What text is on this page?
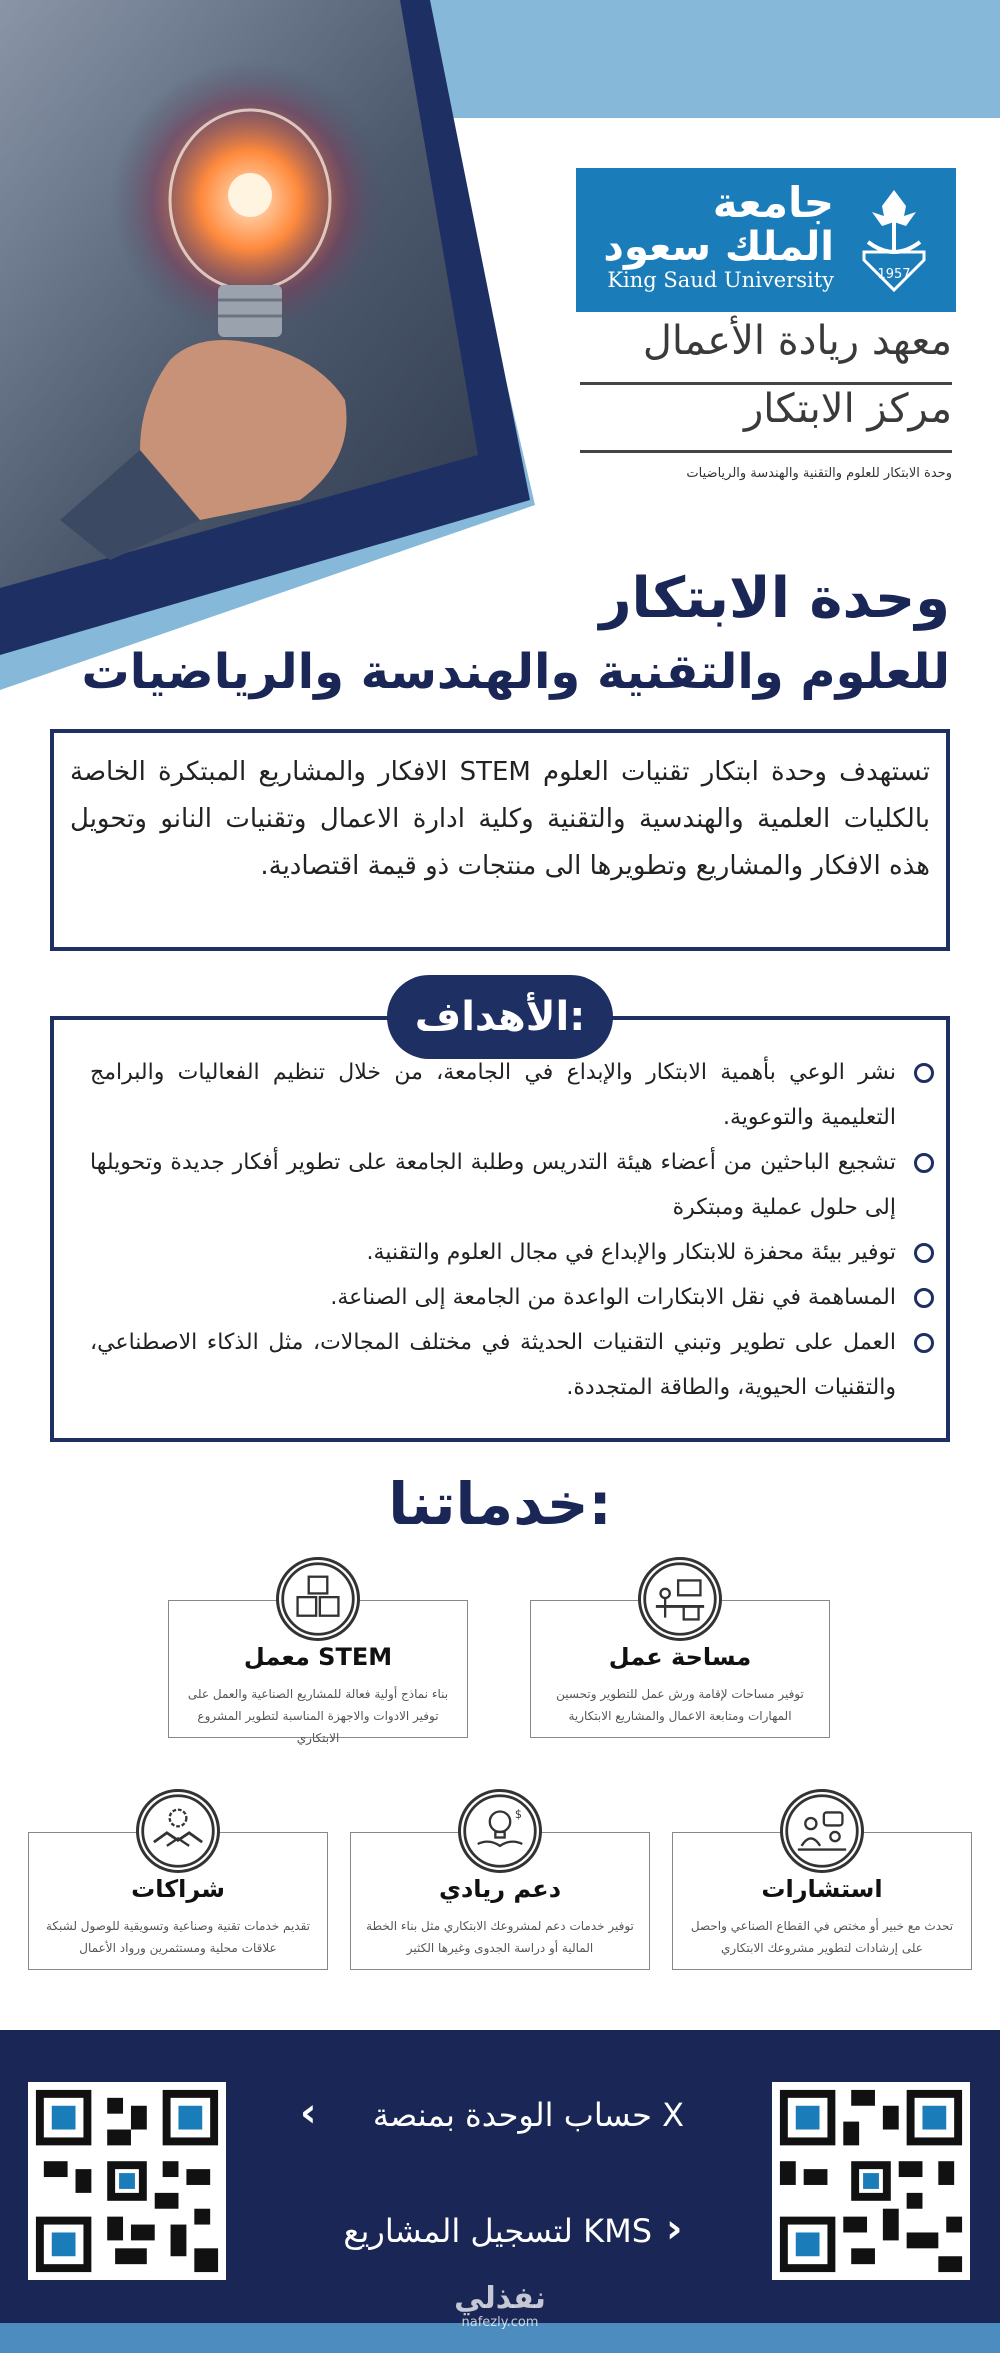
جامعة
الملك سعود
King Saud University	1957
معهد ريادة الأعمال
مركز الابتكار
وحدة الابتكار للعلوم والتقنية والهندسة والرياضيات
وحدة الابتكار
للعلوم والتقنية والهندسة والرياضيات
تستهدف وحدة ابتكار تقنيات العلوم STEM الافكار والمشاريع المبتكرة الخاصة بالكليات العلمية والهندسية والتقنية وكلية ادارة الاعمال وتقنيات النانو وتحويل هذه الافكار والمشاريع وتطويرها الى منتجات ذو قيمة اقتصادية.
الأهداف:
نشر الوعي بأهمية الابتكار والإبداع في الجامعة، من خلال تنظيم الفعاليات والبرامج التعليمية والتوعوية.
تشجيع الباحثين من أعضاء هيئة التدريس وطلبة الجامعة على تطوير أفكار جديدة وتحويلها إلى حلول عملية ومبتكرة
توفير بيئة محفزة للابتكار والإبداع في مجال العلوم والتقنية.
المساهمة في نقل الابتكارات الواعدة من الجامعة إلى الصناعة.
العمل على تطوير وتبني التقنيات الحديثة في مختلف المجالات، مثل الذكاء الاصطناعي، والتقنيات الحيوية، والطاقة المتجددة.
خدماتنا:
مساحة عمل
توفير مساحات لإقامة ورش عمل للتطوير وتحسين المهارات ومتابعة الاعمال والمشاريع الابتكارية
معمل STEM
بناء نماذج أولية فعالة للمشاريع الصناعية والعمل على توفير الادوات والاجهزة المناسبة لتطوير المشروع الابتكاري
استشارات
تحدث مع خبير أو مختص في القطاع الصناعي واحصل على إرشادات لتطوير مشروعك الابتكاري
$
دعم ريادي
توفير خدمات دعم لمشروعك الابتكاري مثل بناء الخطة المالية أو دراسة الجدوى وغيرها الكثير
شراكات
تقديم خدمات تقنية وصناعية وتسويقية للوصول لشبكة علاقات محلية ومستثمرين ورواد الأعمال
حساب الوحدة بمنصة X
‹
لتسجيل المشاريع KMS ›
نفذلي
nafezly.com
